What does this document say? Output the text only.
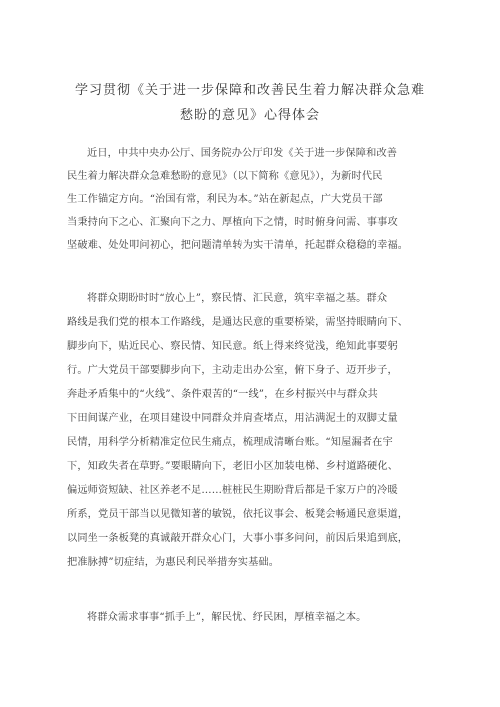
学习贯彻《关于进一步保障和改善民生着力解决群众急难
愁盼的意见》心得体会
近日，中共中央办公厅、国务院办公厅印发《关于进一步保障和改善
民生着力解决群众急难愁盼的意见》（以下简称《意见》），为新时代民
生工作锚定方向。“治国有常，利民为本。”站在新起点，广大党员干部
当秉持向下之心、汇聚向下之力、厚植向下之情，时时俯身问需、事事攻
坚破难、处处叩问初心，把问题清单转为实干清单，托起群众稳稳的幸福。
将群众期盼时时“放心上”，察民情、汇民意，筑牢幸福之基。群众
路线是我们党的根本工作路线，是通达民意的重要桥梁，需坚持眼睛向下、
脚步向下，贴近民心、察民情、知民意。纸上得来终觉浅，绝知此事要躬
行。广大党员干部要脚步向下，主动走出办公室，俯下身子、迈开步子，
奔赴矛盾集中的“火线”、条件艰苦的“一线”，在乡村振兴中与群众共
下田间谋产业，在项目建设中同群众并肩查堵点，用沾满泥土的双脚丈量
民情，用科学分析精准定位民生痛点，梳理成清晰台账。“知屋漏者在宇
下，知政失者在草野。”要眼睛向下，老旧小区加装电梯、乡村道路硬化、
偏远师资短缺、社区养老不足……桩桩民生期盼背后都是千家万户的冷暖
所系，党员干部当以见微知著的敏锐，依托议事会、板凳会畅通民意渠道，
以同坐一条板凳的真诚敲开群众心门，大事小事多问问，前因后果追到底，
把准脉搏”切症结，为惠民利民举措夯实基础。
将群众需求事事“抓手上”，解民忧、纾民困，厚植幸福之本。
